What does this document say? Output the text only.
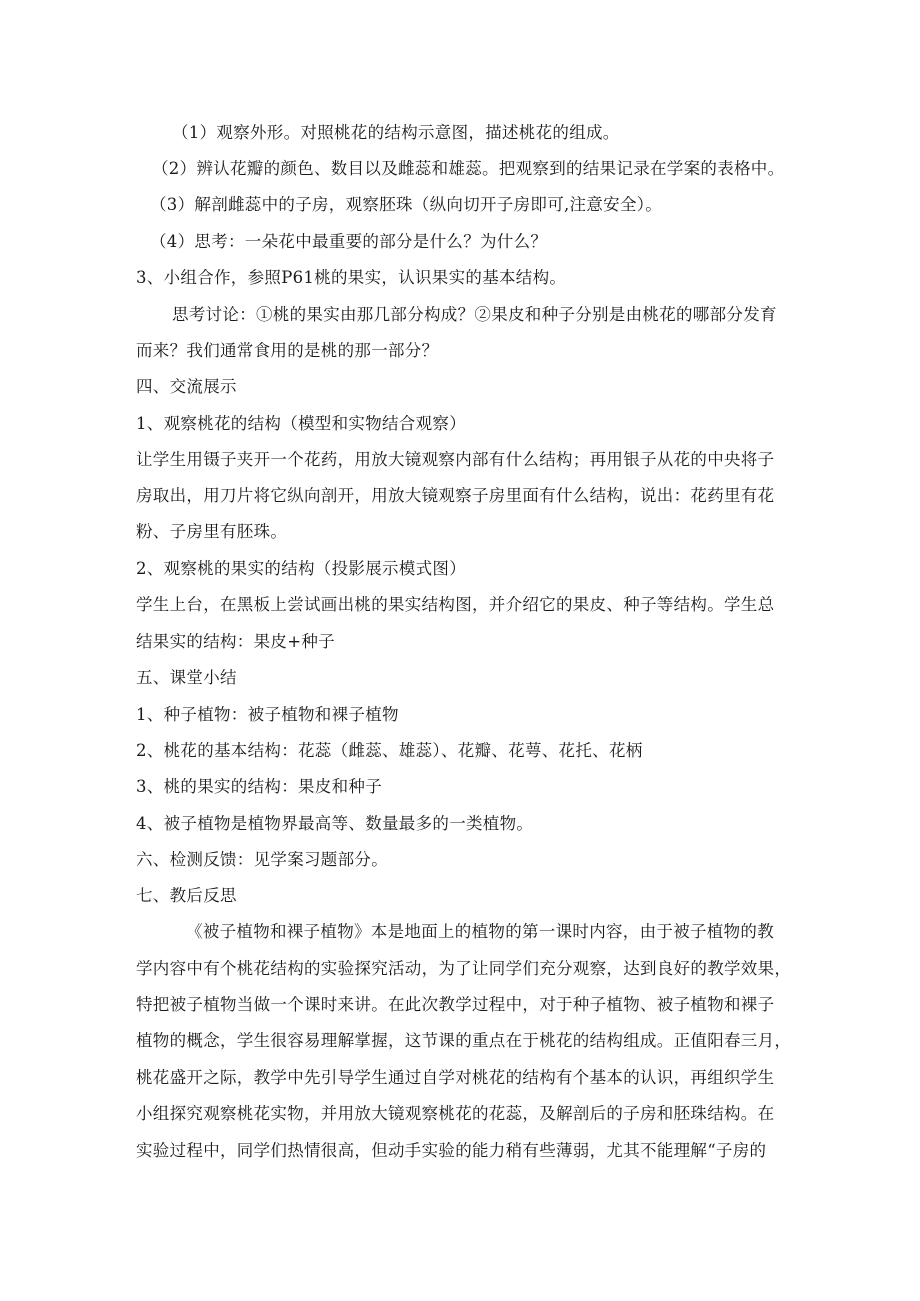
（1）观察外形。对照桃花的结构示意图，描述桃花的组成。
（2）辨认花瓣的颜色、数目以及雌蕊和雄蕊。把观察到的结果记录在学案的表格中。
（3）解剖雌蕊中的子房，观察胚珠（纵向切开子房即可,注意安全）。
（4）思考：一朵花中最重要的部分是什么？为什么？
3、小组合作，参照P61桃的果实，认识果实的基本结构。
思考讨论：①桃的果实由那几部分构成？②果皮和种子分别是由桃花的哪部分发育
而来？我们通常食用的是桃的那一部分？
四、交流展示
1、观察桃花的结构（模型和实物结合观察）
让学生用镊子夹开一个花药，用放大镜观察内部有什么结构；再用银子从花的中央将子
房取出，用刀片将它纵向剖开，用放大镜观察子房里面有什么结构，说出：花药里有花
粉、子房里有胚珠。
2、观察桃的果实的结构（投影展示模式图）
学生上台，在黑板上尝试画出桃的果实结构图，并介绍它的果皮、种子等结构。学生总
结果实的结构：果皮+种子
五、课堂小结
1、种子植物：被子植物和裸子植物
2、桃花的基本结构：花蕊（雌蕊、雄蕊）、花瓣、花萼、花托、花柄
3、桃的果实的结构：果皮和种子
4、被子植物是植物界最高等、数量最多的一类植物。
六、检测反馈：见学案习题部分。
七、教后反思
《被子植物和裸子植物》本是地面上的植物的第一课时内容，由于被子植物的教
学内容中有个桃花结构的实验探究活动，为了让同学们充分观察，达到良好的教学效果，
特把被子植物当做一个课时来讲。在此次教学过程中，对于种子植物、被子植物和裸子
植物的概念，学生很容易理解掌握，这节课的重点在于桃花的结构组成。正值阳春三月，
桃花盛开之际，教学中先引导学生通过自学对桃花的结构有个基本的认识，再组织学生
小组探究观察桃花实物，并用放大镜观察桃花的花蕊，及解剖后的子房和胚珠结构。在
实验过程中，同学们热情很高，但动手实验的能力稍有些薄弱，尤其不能理解“子房的
